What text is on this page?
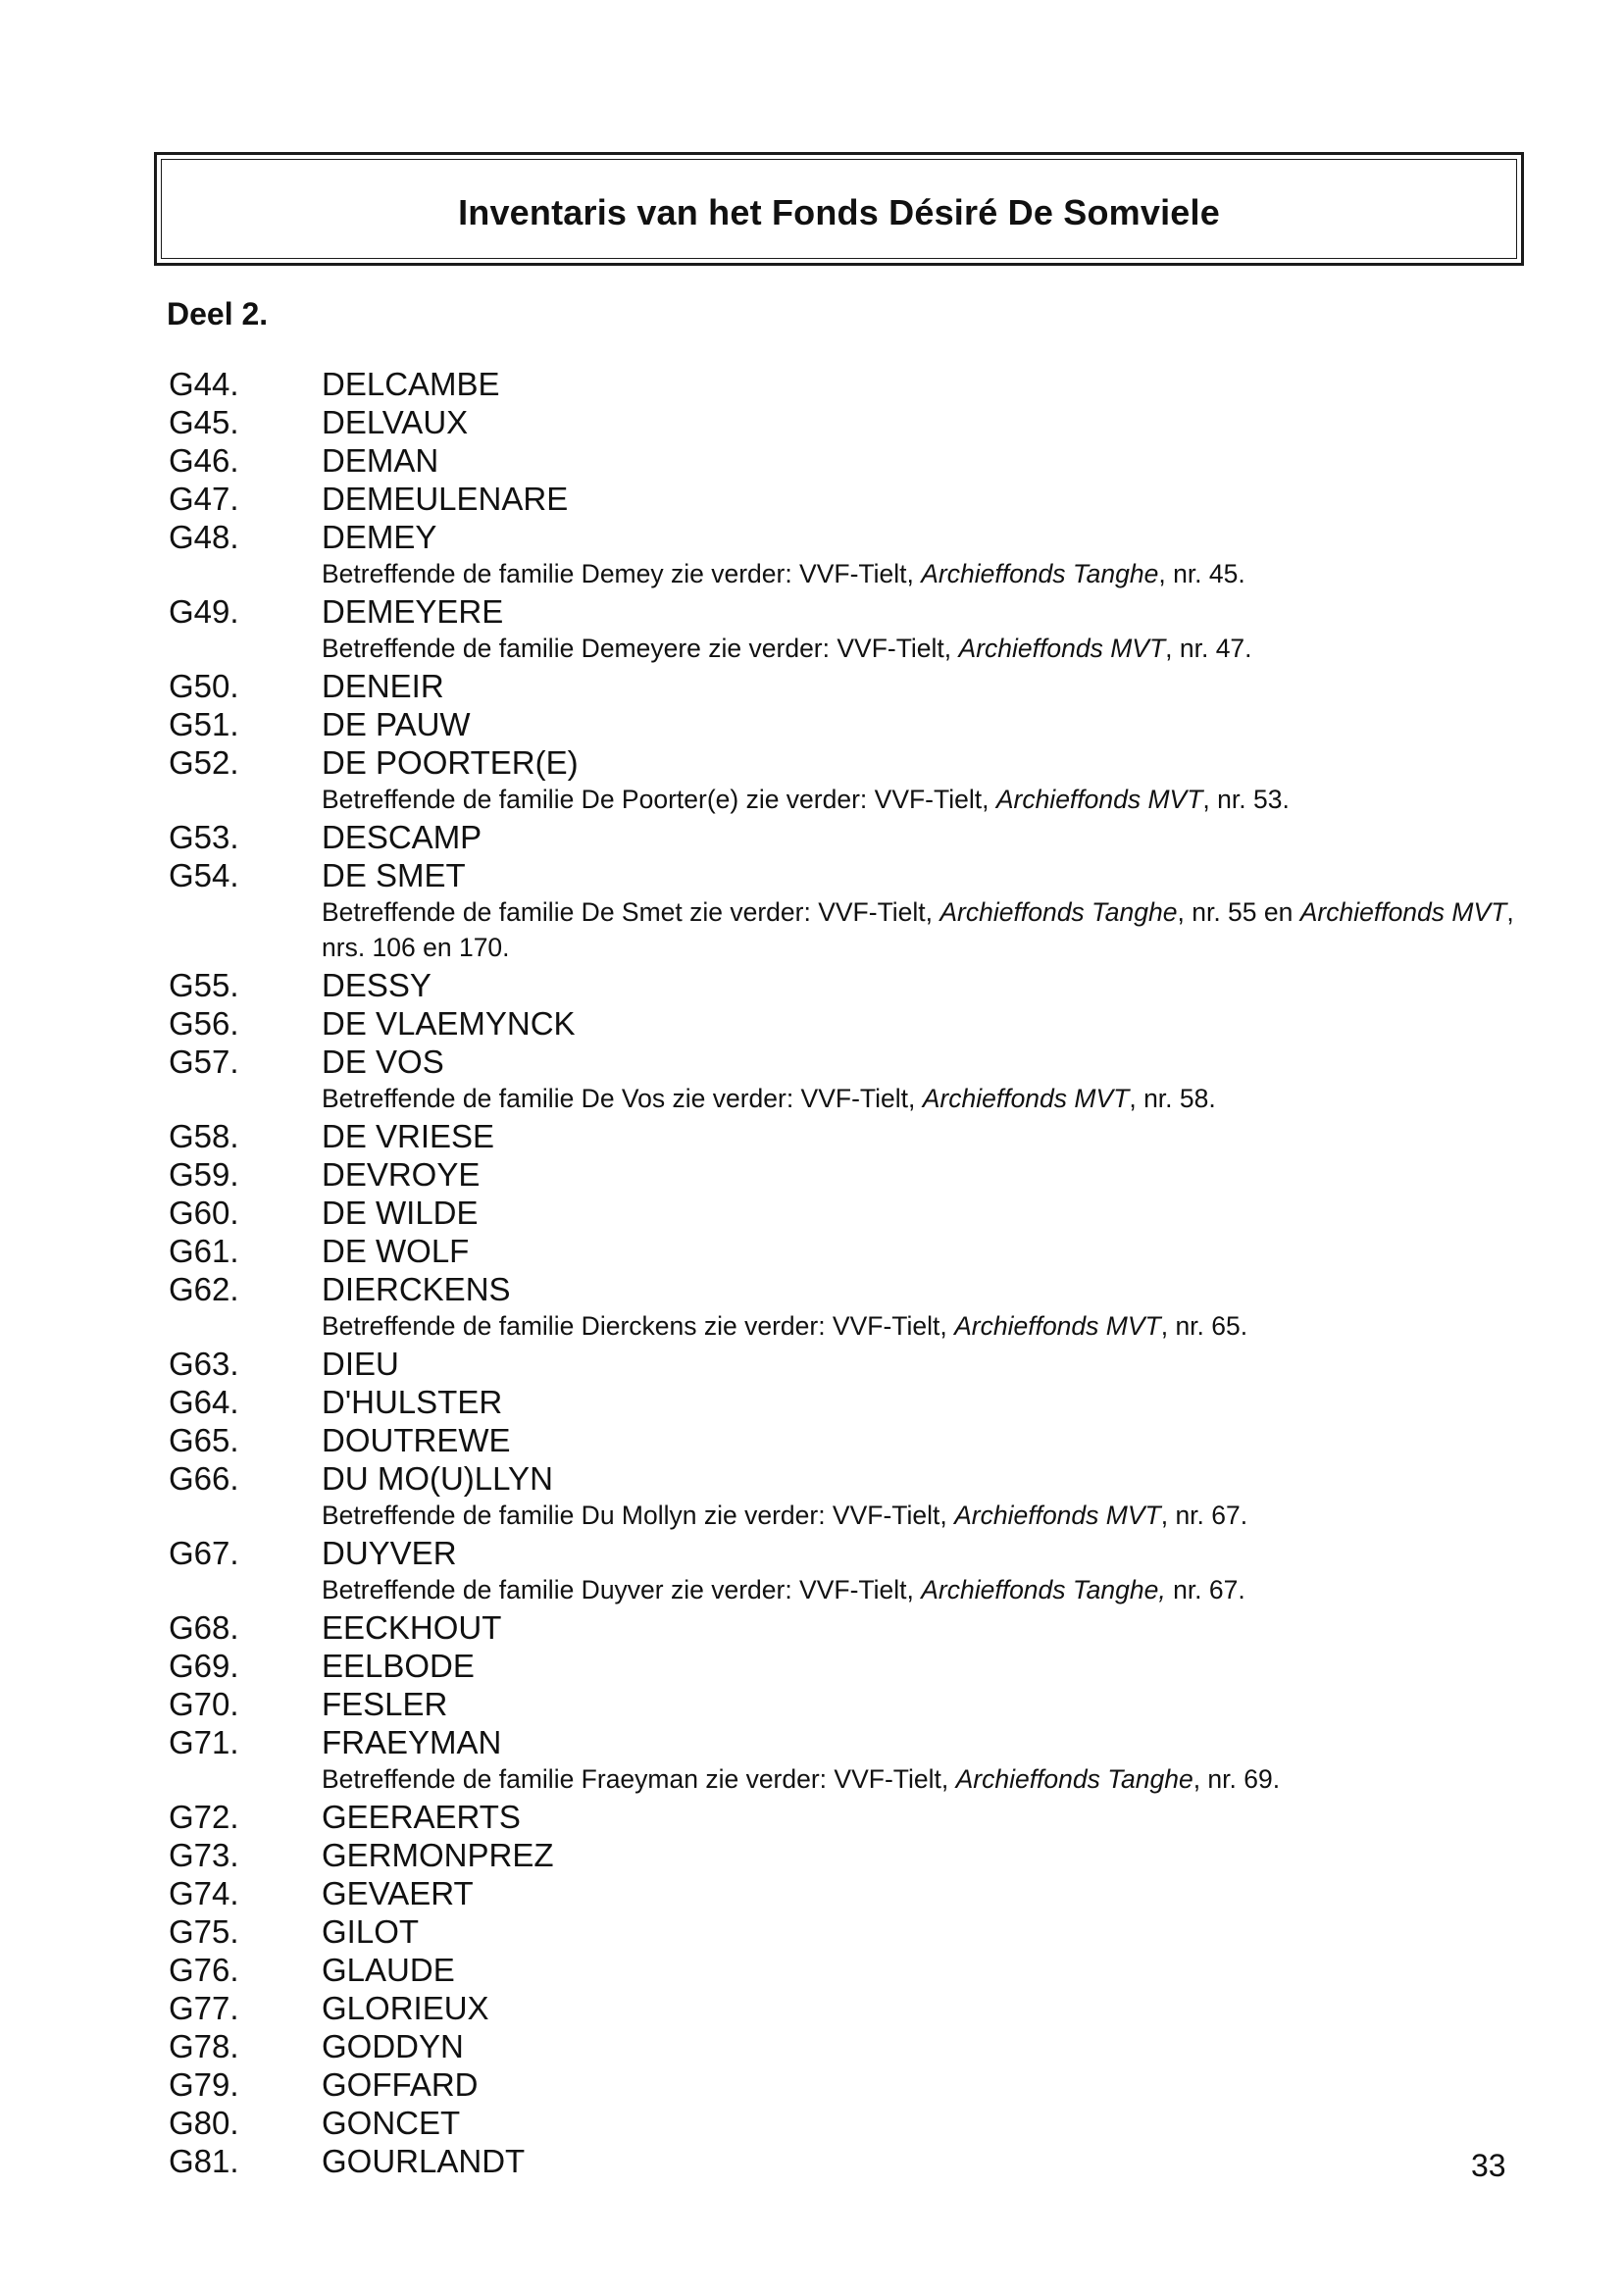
Inventaris van het Fonds Désiré De Somviele
Deel 2.
G44.	DELCAMBE
G45.	DELVAUX
G46.	DEMAN
G47.	DEMEULENARE
G48.	DEMEY
Betreffende de familie Demey zie verder: VVF-Tielt, Archieffonds Tanghe, nr. 45.
G49.	DEMEYERE
Betreffende de familie Demeyere zie verder: VVF-Tielt, Archieffonds MVT, nr. 47.
G50.	DENEIR
G51.	DE PAUW
G52.	DE POORTER(E)
Betreffende de familie De Poorter(e) zie verder: VVF-Tielt, Archieffonds MVT, nr. 53.
G53.	DESCAMP
G54.	DE SMET
Betreffende de familie De Smet zie verder: VVF-Tielt, Archieffonds Tanghe, nr. 55 en Archieffonds MVT, nrs. 106 en 170.
G55.	DESSY
G56.	DE VLAEMYNCK
G57.	DE VOS
Betreffende de familie De Vos zie verder: VVF-Tielt, Archieffonds MVT, nr. 58.
G58.	DE VRIESE
G59.	DEVROYE
G60.	DE WILDE
G61.	DE WOLF
G62.	DIERCKENS
Betreffende de familie Dierckens zie verder: VVF-Tielt, Archieffonds MVT, nr. 65.
G63.	DIEU
G64.	D'HULSTER
G65.	DOUTREWE
G66.	DU MO(U)LLYN
Betreffende de familie Du Mollyn zie verder: VVF-Tielt, Archieffonds MVT, nr. 67.
G67.	DUYVER
Betreffende de familie Duyver zie verder: VVF-Tielt, Archieffonds Tanghe, nr. 67.
G68.	EECKHOUT
G69.	EELBODE
G70.	FESLER
G71.	FRAEYMAN
Betreffende de familie Fraeyman zie verder: VVF-Tielt, Archieffonds Tanghe, nr. 69.
G72.	GEERAERTS
G73.	GERMONPREZ
G74.	GEVAERT
G75.	GILOT
G76.	GLAUDE
G77.	GLORIEUX
G78.	GODDYN
G79.	GOFFARD
G80.	GONCET
G81.	GOURLANDT	33
